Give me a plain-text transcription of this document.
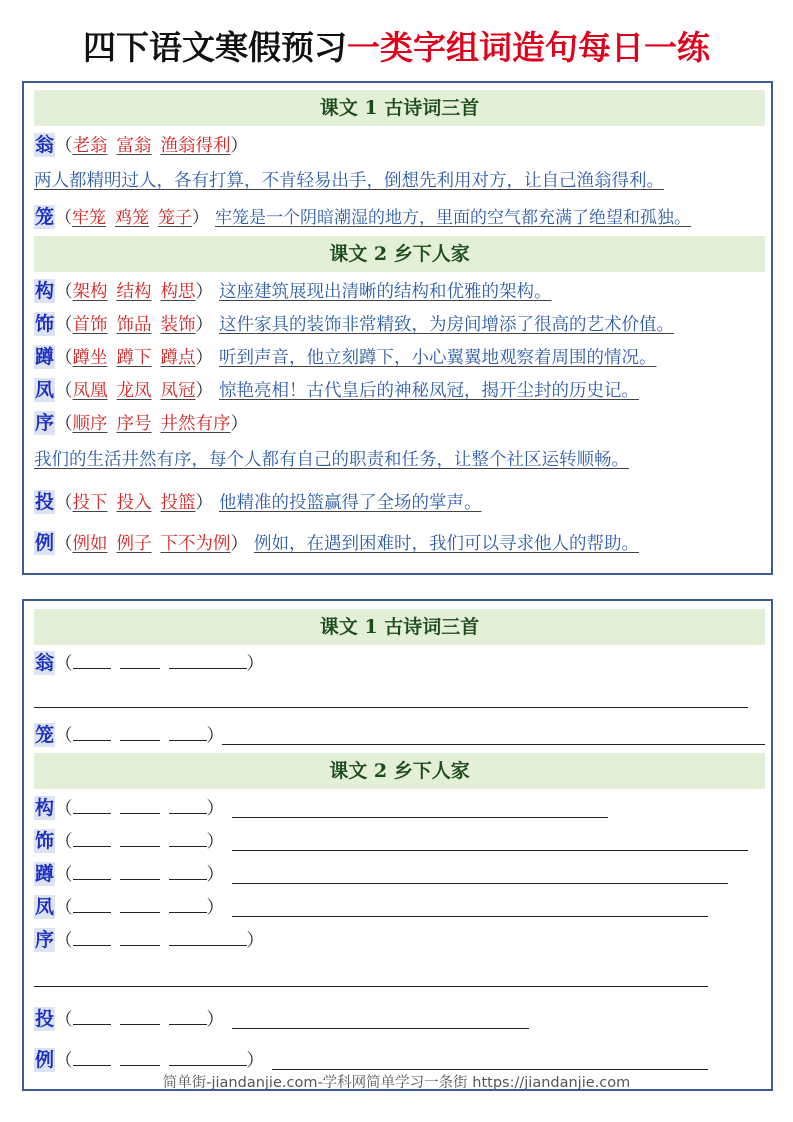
四下语文寒假预习一类字组词造句每日一练
课文 1 古诗词三首
翁（老翁 富翁 渔翁得利）
两人都精明过人，各有打算，不肯轻易出手，倒想先利用对方，让自己渔翁得利。
笼（牢笼 鸡笼 笼子） 牢笼是一个阴暗潮湿的地方，里面的空气都充满了绝望和孤独。
课文 2 乡下人家
构（架构 结构 构思） 这座建筑展现出清晰的结构和优雅的架构。
饰（首饰 饰品 装饰） 这件家具的装饰非常精致，为房间增添了很高的艺术价值。
蹲（蹲坐 蹲下 蹲点） 听到声音，他立刻蹲下，小心翼翼地观察着周围的情况。
凤（凤凰 龙凤 凤冠） 惊艳亮相！古代皇后的神秘凤冠，揭开尘封的历史记。
序（顺序 序号 井然有序）
我们的生活井然有序，每个人都有自己的职责和任务，让整个社区运转顺畅。
投（投下 投入 投篮） 他精准的投篮赢得了全场的掌声。
例（例如 例子 下不为例） 例如，在遇到困难时，我们可以寻求他人的帮助。
课文 1 古诗词三首
翁（	）
笼（	）
课文 2 乡下人家
构（	）
饰（	）
蹲（	）
凤（	）
序（	）
投（	）
例（	）
简单街-jiandanjie.com-学科网简单学习一条街 https://jiandanjie.com
